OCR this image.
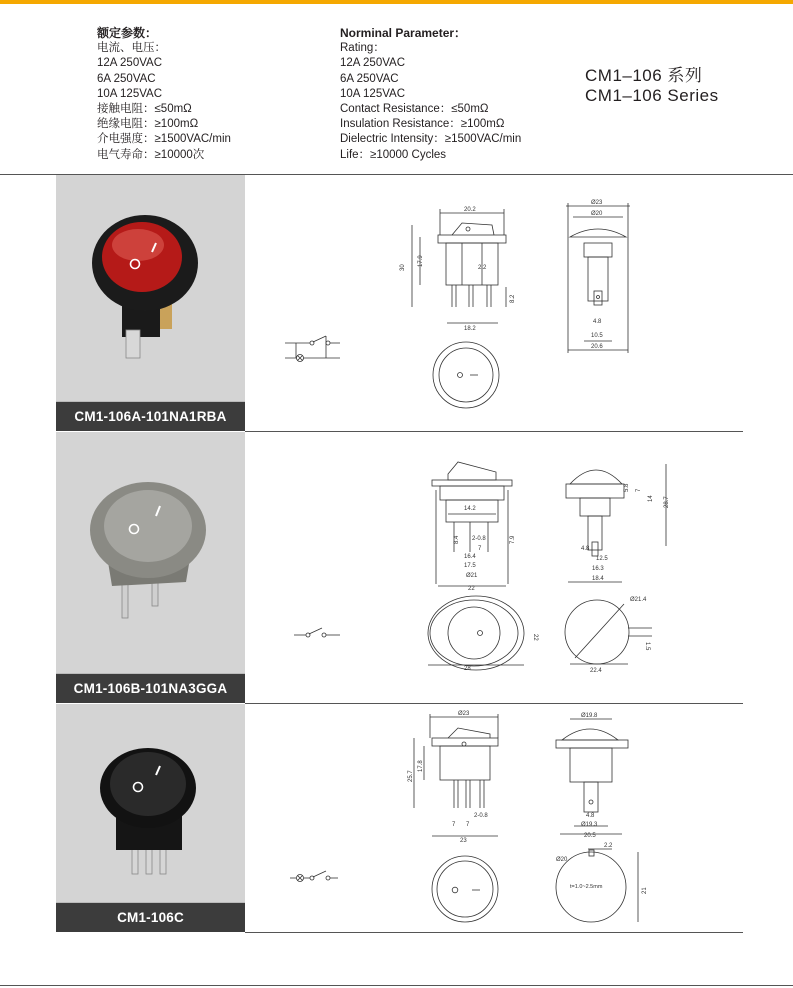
额定参数：
电流、电压：
12A 250VAC
6A 250VAC
10A 125VAC
接触电阻：≤50mΩ
绝缘电阻：≥100mΩ
介电强度：≥1500VAC/min
电气寿命：≥10000次
Norminal Parameter：
Rating：
12A 250VAC
6A 250VAC
10A 125VAC
Contact Resistance：≤50mΩ
Insulation Resistance：≥100mΩ
Dielectric Intensity：≥1500VAC/min
Life：≥10000 Cycles
CM1–106 系列
CM1–106 Series
CM1-106A-101NA1RBA
20.2
30
17.9
2.2
8.2
18.2
Ø23
Ø20
4.8
10.5
20.6
CM1-106B-101NA3GGA
14.2
8.4 2-0.8
7
7.9
16.4
17.5
Ø21
22
5.8 7
14 28.7
4.8
12.5
16.3
18.4
28
22
Ø21.4
1.5
22.4
CM1-106C
Ø23
25.7
17.8
2-0.8
7 7
23
Ø19.8
4.8
Ø19.3
20.5
2.2
Ø20
21
t=1.0~2.5mm
